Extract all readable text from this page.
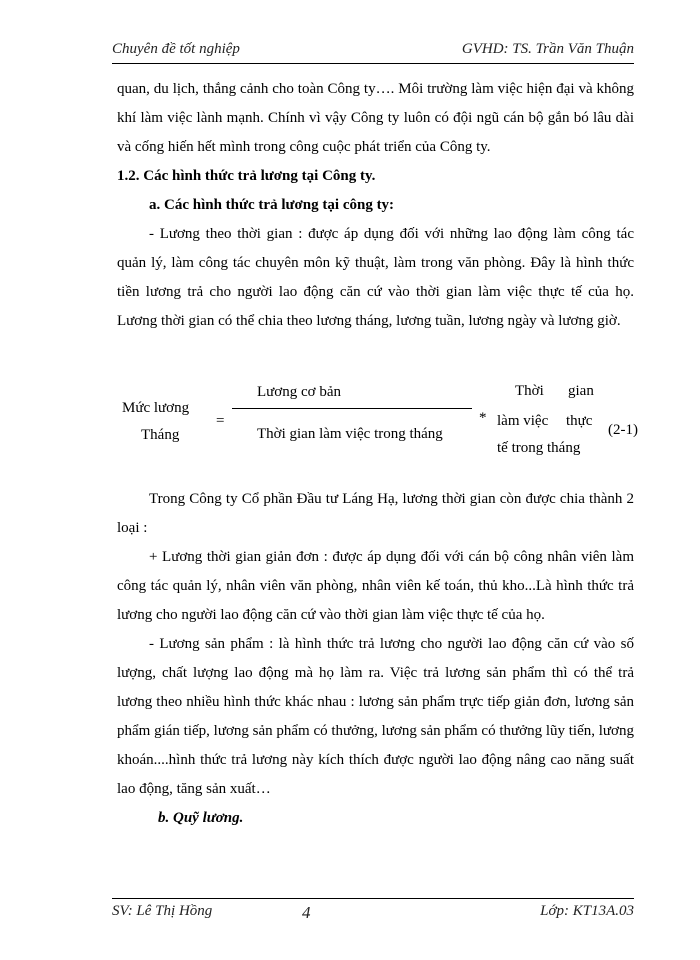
Chuyên đề tốt nghiệp	GVHD: TS. Trần Văn Thuận

quan, du lịch, thắng cảnh cho toàn Công ty…. Môi trường làm việc hiện đại và không khí làm việc lành mạnh. Chính vì vậy Công ty luôn có đội ngũ cán bộ gắn bó lâu dài và cống hiến hết mình trong công cuộc phát triển của Công ty.

1.2. Các hình thức trả lương tại Công ty.

a. Các hình thức trả lương tại công ty:

- Lương theo thời gian : được áp dụng đối với những lao động làm công tác quản lý, làm công tác chuyên môn kỹ thuật, làm trong văn phòng. Đây là hình thức tiền lương trả cho người lao động căn cứ vào thời gian làm việc thực tế của họ. Lương thời gian có thể chia theo lương tháng, lương tuần, lương ngày và lương giờ.

Mức lương
Tháng
=
Lương cơ bản
Thời gian làm việc trong tháng
*
Thời gian
làm việc thực
tế trong tháng
(2-1)

Trong Công ty Cổ phần Đầu tư Láng Hạ, lương thời gian còn được chia thành 2 loại :

+ Lương thời gian giản đơn : được áp dụng đối với cán bộ công nhân viên làm công tác quản lý, nhân viên văn phòng, nhân viên kế toán, thủ kho...Là hình thức trả lương cho người lao động căn cứ vào thời gian làm việc thực tế của họ.

- Lương sản phẩm : là hình thức trả lương cho người lao động căn cứ vào số lượng, chất lượng lao động mà họ làm ra. Việc trả lương sản phẩm thì có thể trả lương theo nhiều hình thức khác nhau : lương sản phẩm trực tiếp giản đơn, lương sản phẩm gián tiếp, lương sản phẩm có thưởng, lương sản phẩm có thưởng lũy tiến, lương khoán....hình thức trả lương này kích thích được người lao động nâng cao năng suất lao động, tăng sản xuất…

b. Quỹ lương.

SV: Lê Thị Hồng	4	Lớp: KT13A.03
